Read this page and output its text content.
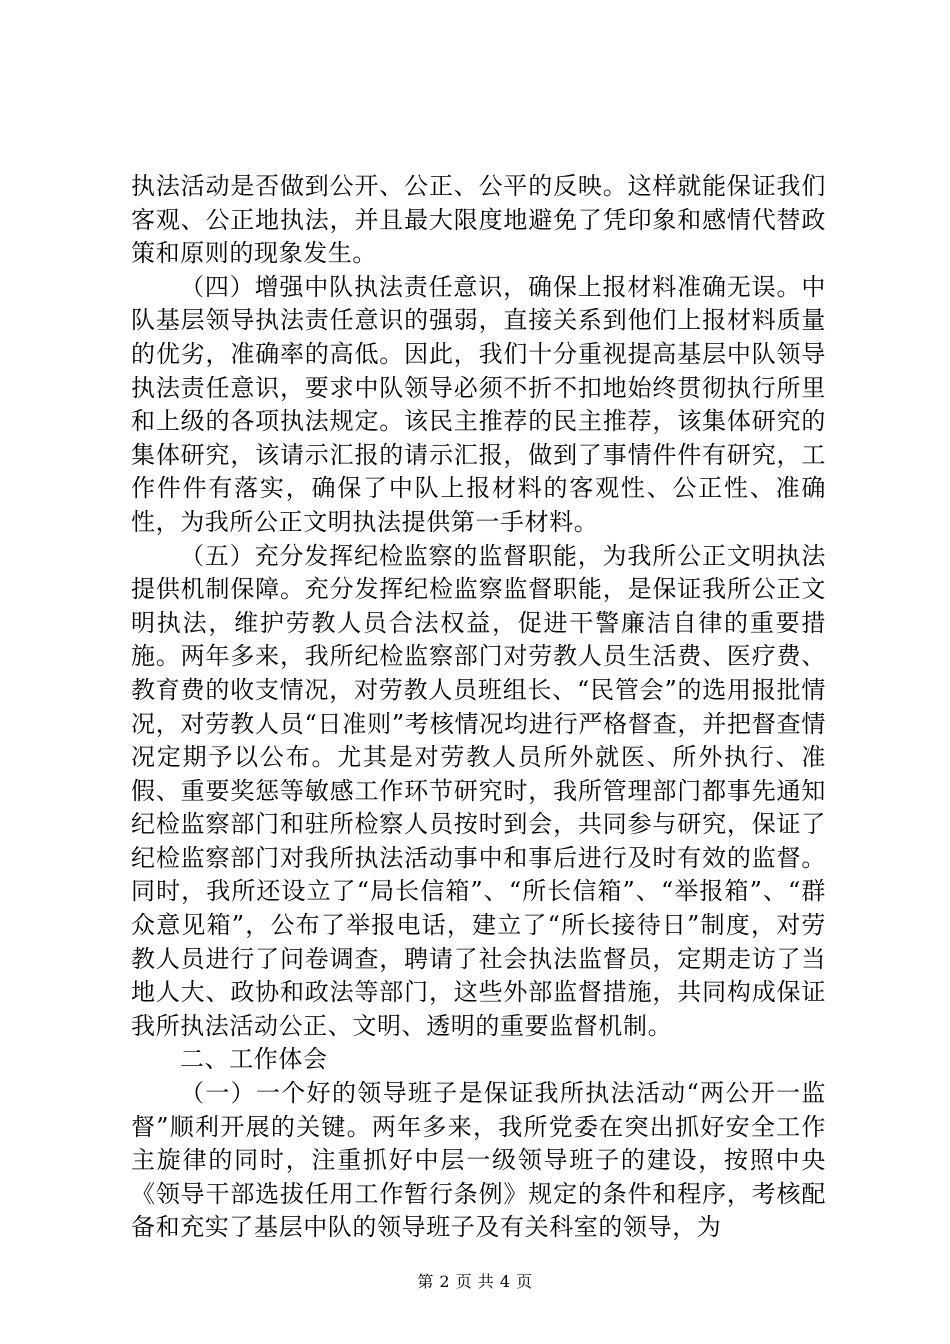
执法活动是否做到公开、公正、公平的反映。这样就能保证我们客观、公正地执法，并且最大限度地避免了凭印象和感情代替政策和原则的现象发生。

（四）增强中队执法责任意识，确保上报材料准确无误。中队基层领导执法责任意识的强弱，直接关系到他们上报材料质量的优劣，准确率的高低。因此，我们十分重视提高基层中队领导执法责任意识，要求中队领导必须不折不扣地始终贯彻执行所里和上级的各项执法规定。该民主推荐的民主推荐，该集体研究的集体研究，该请示汇报的请示汇报，做到了事情件件有研究，工作件件有落实，确保了中队上报材料的客观性、公正性、准确性，为我所公正文明执法提供第一手材料。

（五）充分发挥纪检监察的监督职能，为我所公正文明执法提供机制保障。充分发挥纪检监察监督职能，是保证我所公正文明执法，维护劳教人员合法权益，促进干警廉洁自律的重要措施。两年多来，我所纪检监察部门对劳教人员生活费、医疗费、教育费的收支情况，对劳教人员班组长、“民管会”的选用报批情况，对劳教人员“日准则”考核情况均进行严格督查，并把督查情况定期予以公布。尤其是对劳教人员所外就医、所外执行、准假、重要奖惩等敏感工作环节研究时，我所管理部门都事先通知纪检监察部门和驻所检察人员按时到会，共同参与研究，保证了纪检监察部门对我所执法活动事中和事后进行及时有效的监督。同时，我所还设立了“局长信箱”、“所长信箱”、“举报箱”、“群众意见箱”，公布了举报电话，建立了“所长接待日”制度，对劳教人员进行了问卷调查，聘请了社会执法监督员，定期走访了当地人大、政协和政法等部门，这些外部监督措施，共同构成保证我所执法活动公正、文明、透明的重要监督机制。

二、工作体会

（一）一个好的领导班子是保证我所执法活动“两公开一监督”顺利开展的关键。两年多来，我所党委在突出抓好安全工作主旋律的同时，注重抓好中层一级领导班子的建设，按照中央《领导干部选拔任用工作暂行条例》规定的条件和程序，考核配备和充实了基层中队的领导班子及有关科室的领导，为

第 2 页 共 4 页
